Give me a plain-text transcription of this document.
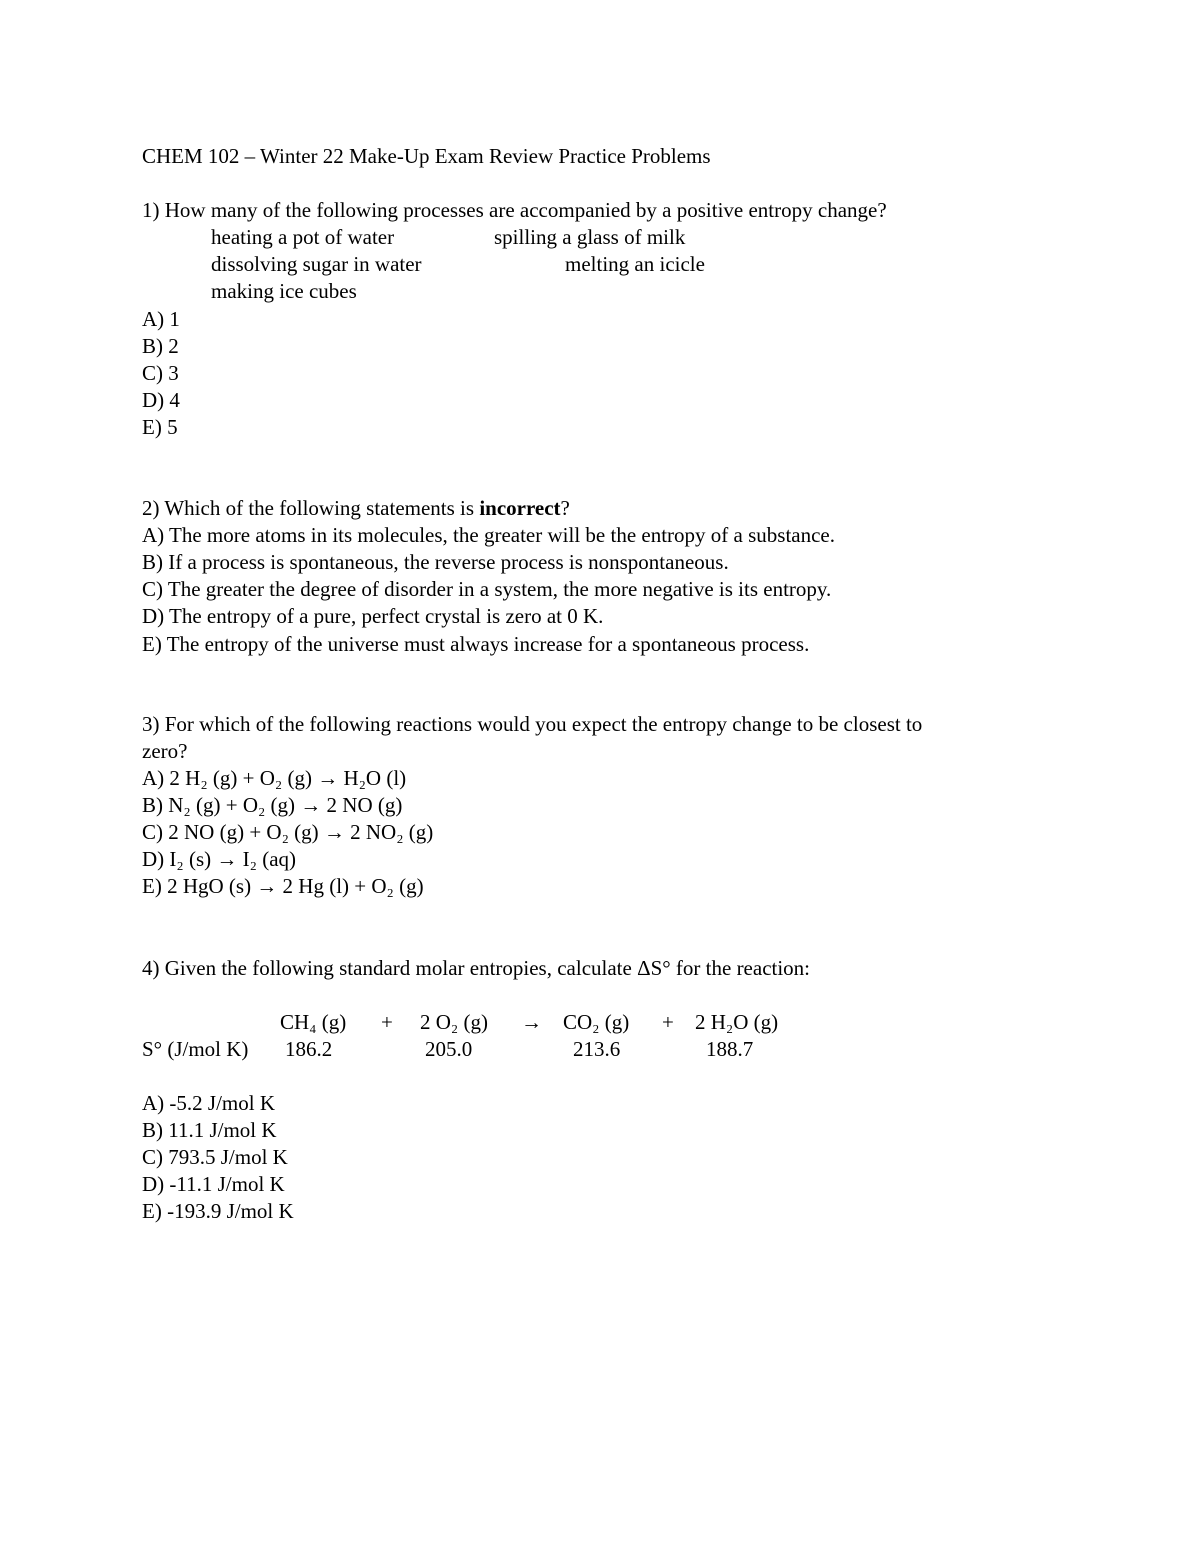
CHEM 102 – Winter 22 Make-Up Exam Review Practice Problems
1) How many of the following processes are accompanied by a positive entropy change?
heating a pot of water	spilling a glass of milk
dissolving sugar in water	melting an icicle
making ice cubes
A) 1
B) 2
C) 3
D) 4
E) 5
2) Which of the following statements is incorrect?
A) The more atoms in its molecules, the greater will be the entropy of a substance.
B) If a process is spontaneous, the reverse process is nonspontaneous.
C) The greater the degree of disorder in a system, the more negative is its entropy.
D) The entropy of a pure, perfect crystal is zero at 0 K.
E) The entropy of the universe must always increase for a spontaneous process.
3) For which of the following reactions would you expect the entropy change to be closest to
zero?
A) 2 H₂ (g) + O₂ (g) → H₂O (l)
B) N₂ (g) + O₂ (g) → 2 NO (g)
C) 2 NO (g) + O₂ (g) → 2 NO₂ (g)
D) I₂ (s) → I₂ (aq)
E) 2 HgO (s) → 2 Hg (l) + O₂ (g)
4) Given the following standard molar entropies, calculate ΔS° for the reaction:
CH₄ (g) + 2 O₂ (g) → CO₂ (g) + 2 H₂O (g)
S° (J/mol K) 186.2	205.0	213.6	188.7
A) -5.2 J/mol K
B) 11.1 J/mol K
C) 793.5 J/mol K
D) -11.1 J/mol K
E) -193.9 J/mol K
